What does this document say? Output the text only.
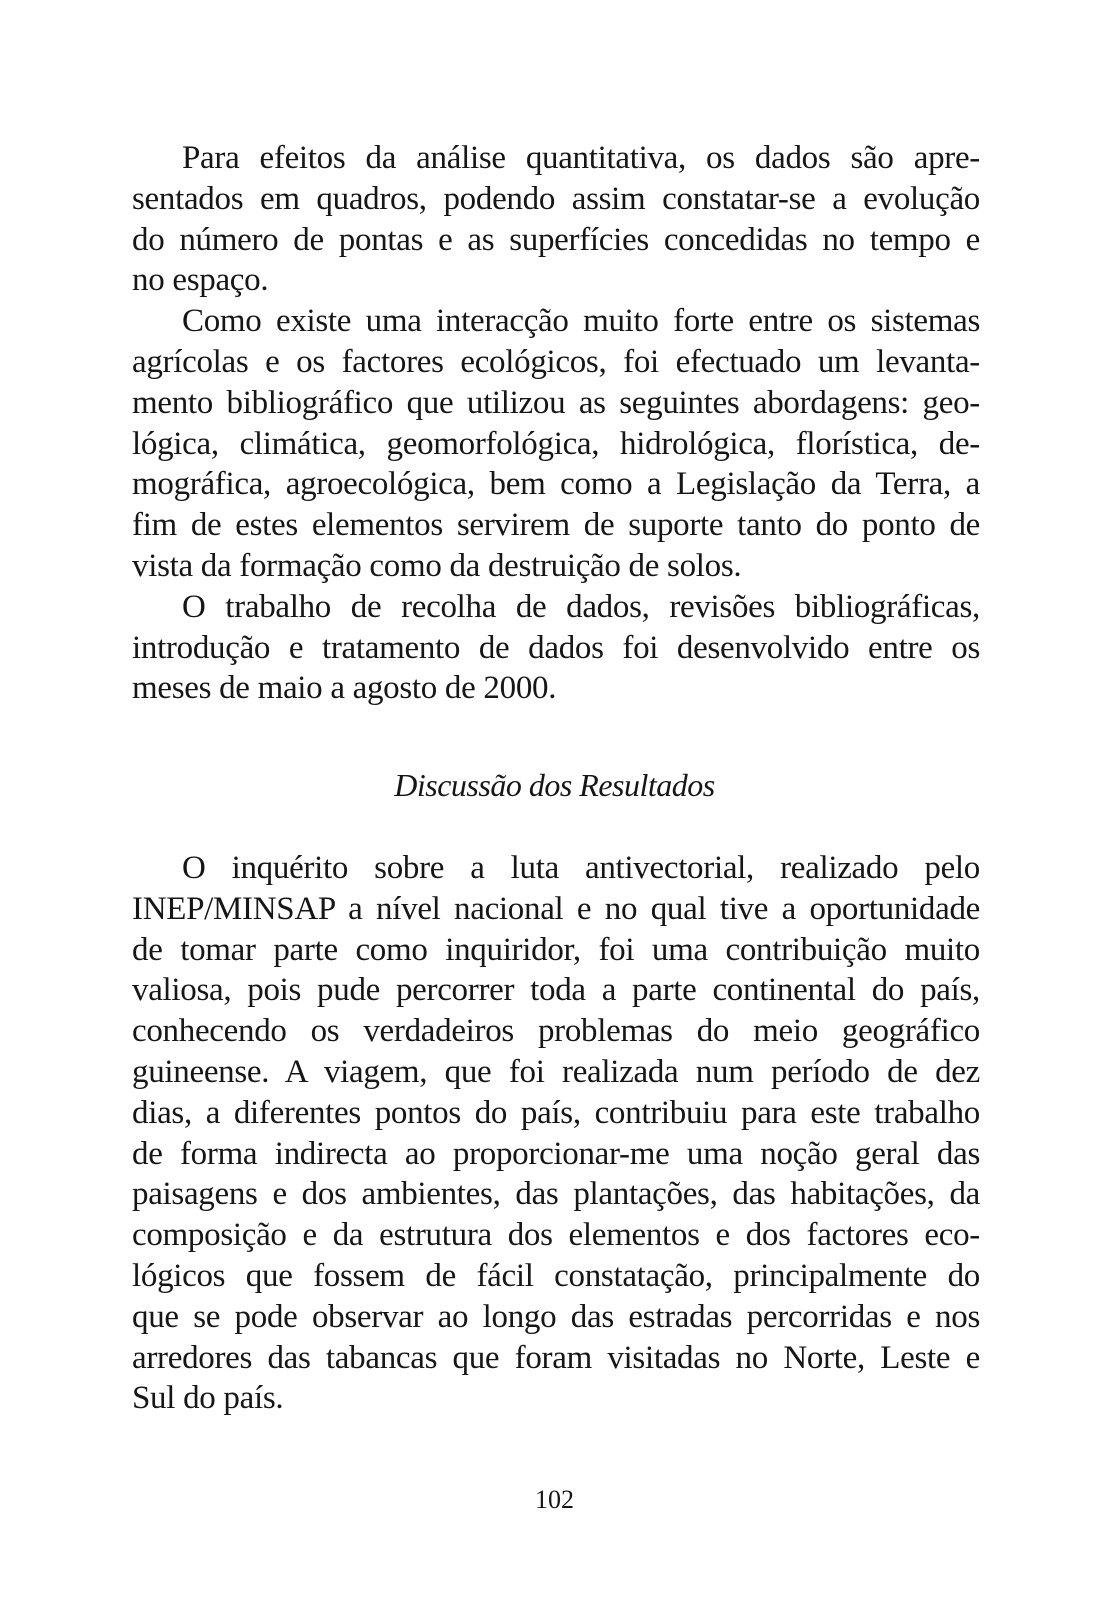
Para efeitos da análise quantitativa, os dados são apre-
sentados em quadros, podendo assim constatar-se a evolução
do número de pontas e as superfícies concedidas no tempo e
no espaço.
Como existe uma interacção muito forte entre os sistemas
agrícolas e os factores ecológicos, foi efectuado um levanta-
mento bibliográfico que utilizou as seguintes abordagens: geo-
lógica, climática, geomorfológica, hidrológica, florística, de-
mográfica, agroecológica, bem como a Legislação da Terra, a
fim de estes elementos servirem de suporte tanto do ponto de
vista da formação como da destruição de solos.
O trabalho de recolha de dados, revisões bibliográficas,
introdução e tratamento de dados foi desenvolvido entre os
meses de maio a agosto de 2000.
Discussão dos Resultados
O inquérito sobre a luta antivectorial, realizado pelo
INEP/MINSAP a nível nacional e no qual tive a oportunidade
de tomar parte como inquiridor, foi uma contribuição muito
valiosa, pois pude percorrer toda a parte continental do país,
conhecendo os verdadeiros problemas do meio geográfico
guineense. A viagem, que foi realizada num período de dez
dias, a diferentes pontos do país, contribuiu para este trabalho
de forma indirecta ao proporcionar-me uma noção geral das
paisagens e dos ambientes, das plantações, das habitações, da
composição e da estrutura dos elementos e dos factores eco-
lógicos que fossem de fácil constatação, principalmente do
que se pode observar ao longo das estradas percorridas e nos
arredores das tabancas que foram visitadas no Norte, Leste e
Sul do país.
102
